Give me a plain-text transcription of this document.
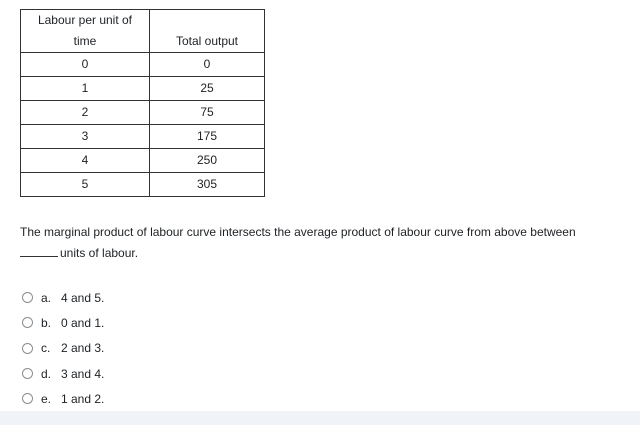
Labour per unit of	
time	Total output
0	0
1	25
2	75
3	175
4	250
5	305
The marginal product of labour curve intersects the average product of labour curve from above between
units of labour.
a. 4 and 5.
b. 0 and 1.
c. 2 and 3.
d. 3 and 4.
e. 1 and 2.
